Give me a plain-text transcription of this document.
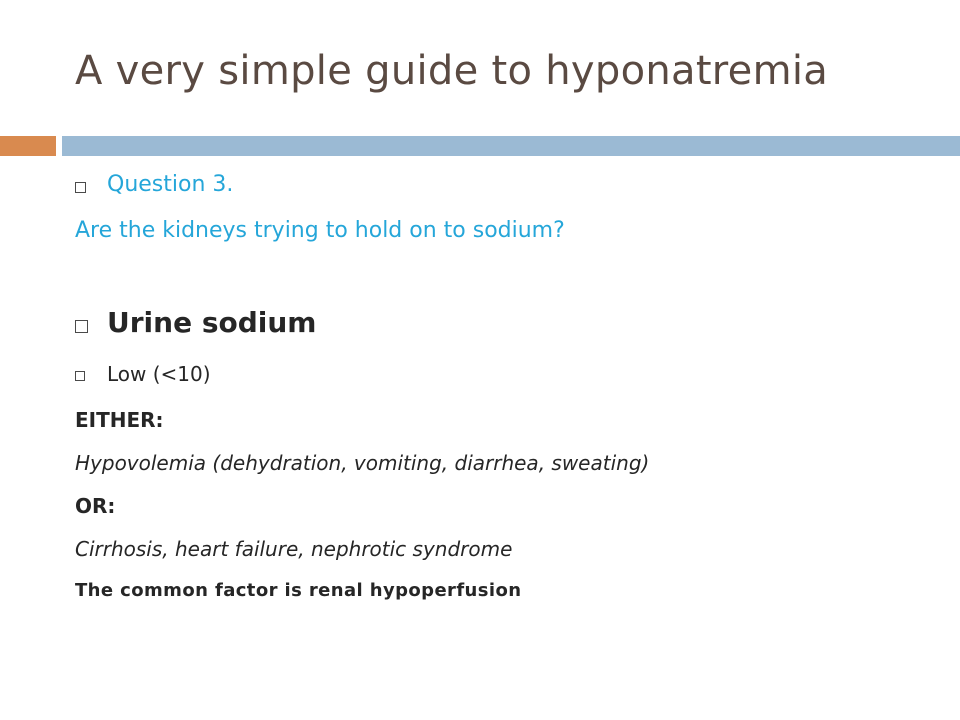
A very simple guide to hyponatremia
Question 3.
Are the kidneys trying to hold on to sodium?
Urine sodium
Low (<10)
EITHER:
Hypovolemia (dehydration, vomiting, diarrhea, sweating)
OR:
Cirrhosis, heart failure, nephrotic syndrome
The common factor is renal hypoperfusion
